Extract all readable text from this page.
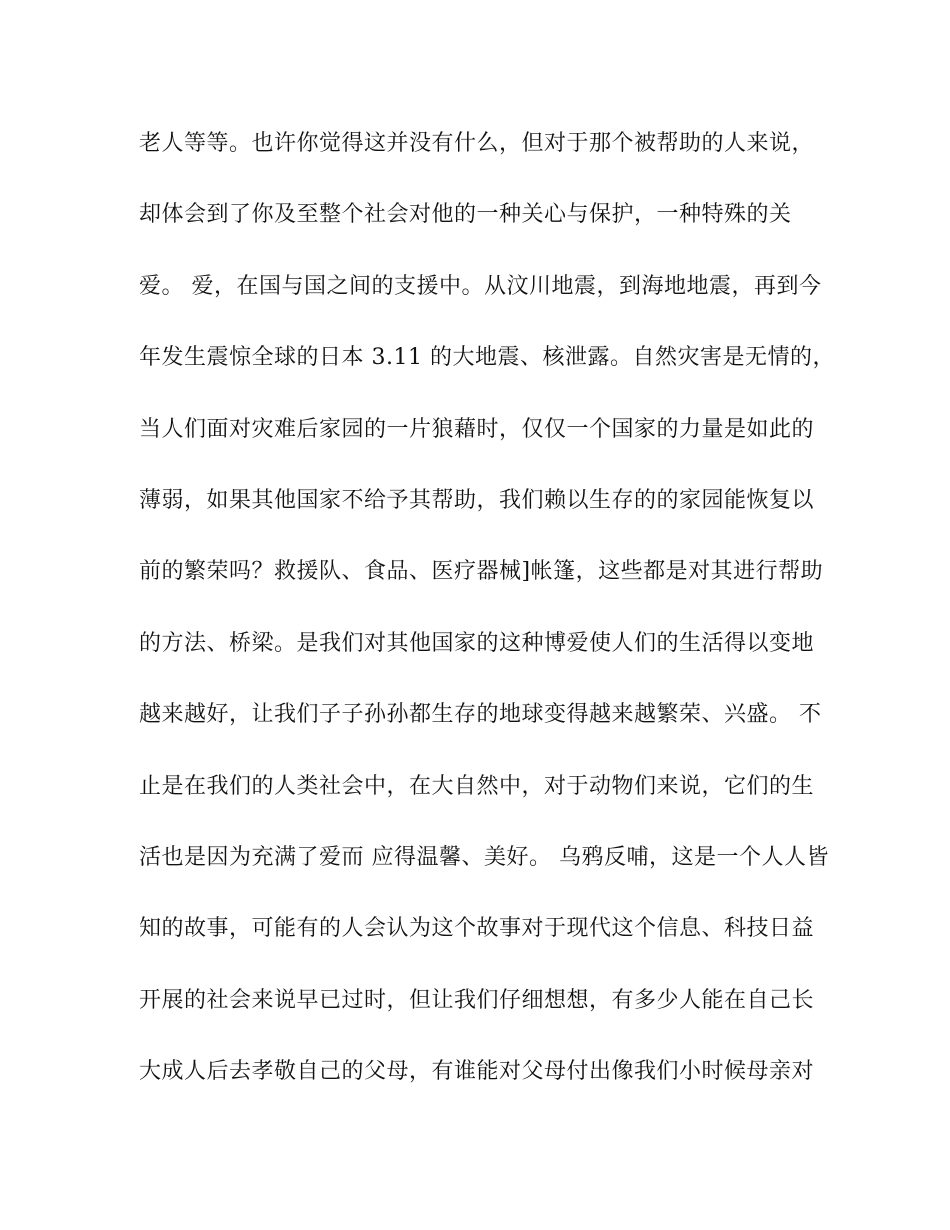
老人等等。也许你觉得这并没有什么，但对于那个被帮助的人来说，
却体会到了你及至整个社会对他的一种关心与保护，一种特殊的关
爱。 爱，在国与国之间的支援中。从汶川地震，到海地地震，再到今
年发生震惊全球的日本 3.11 的大地震、核泄露。自然灾害是无情的，
当人们面对灾难后家园的一片狼藉时，仅仅一个国家的力量是如此的
薄弱，如果其他国家不给予其帮助，我们赖以生存的的家园能恢复以
前的繁荣吗？救援队、食品、医疗器械]帐篷，这些都是对其进行帮助
的方法、桥梁。是我们对其他国家的这种博爱使人们的生活得以变地
越来越好，让我们子子孙孙都生存的地球变得越来越繁荣、兴盛。 不
止是在我们的人类社会中，在大自然中，对于动物们来说，它们的生
活也是因为充满了爱而 应得温馨、美好。 乌鸦反哺，这是一个人人皆
知的故事，可能有的人会认为这个故事对于现代这个信息、科技日益
开展的社会来说早已过时，但让我们仔细想想，有多少人能在自己长
大成人后去孝敬自己的父母，有谁能对父母付出像我们小时候母亲对
